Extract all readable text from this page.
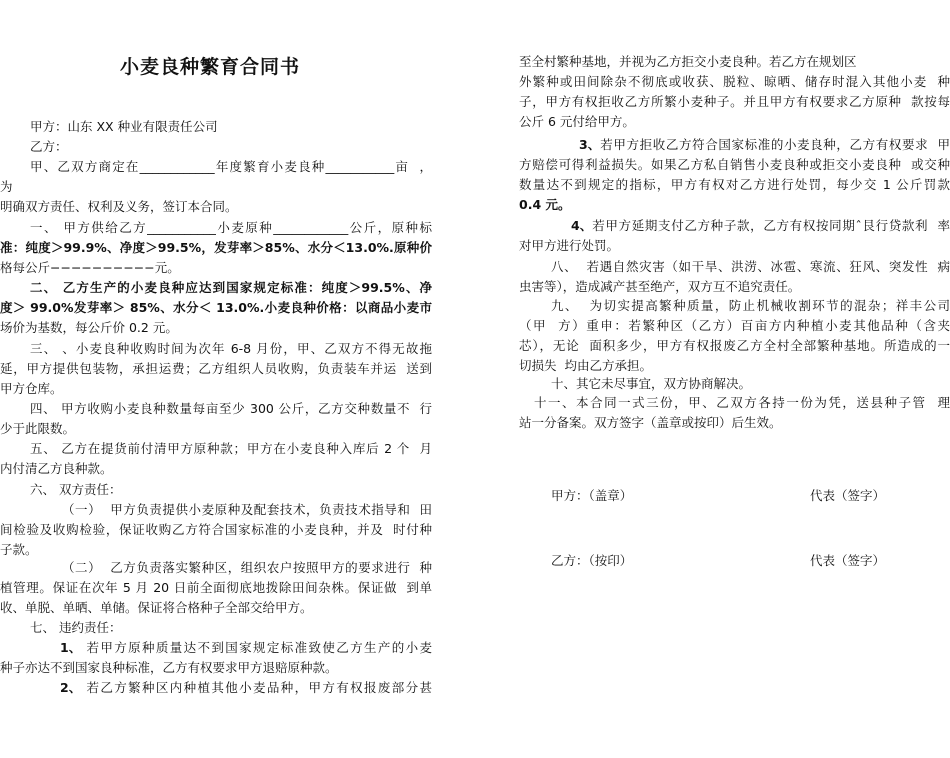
小麦良种繁育合同书
甲方：山东 XX 种业有限责任公司
乙方：
甲、乙双方商定在____________年度繁育小麦良种___________亩  ，
为
明确双方责任、权利及义务，签订本合同。
一、 甲方供给乙方___________小麦原种____________公斤，原种标
准：纯度＞99.9%、净度＞99.5%，发芽率＞85%、水分＜13.0%.原种价
格每公斤−−−−−−−−−−元。
二、 乙方生产的小麦良种应达到国家规定标准：纯度＞99.5%、净
度＞ 99.0%发芽率＞ 85%、水分＜ 13.0%.小麦良种价格：以商品小麦市
场价为基数，每公斤价 0.2 元。
三、 、小麦良种收购时间为次年 6-8 月份，甲、乙双方不得无故拖
延，甲方提供包装物，承担运费；乙方组织人员收购，负责装车并运  送到
甲方仓库。
四、 甲方收购小麦良种数量每亩至少 300 公斤，乙方交种数量不  行
少于此限数。
五、 乙方在提货前付清甲方原种款；甲方在小麦良种入库后 2 个  月
内付清乙方良种款。
六、 双方责任：
（一）  甲方负责提供小麦原种及配套技术，负责技术指导和  田
间检验及收购检验，保证收购乙方符合国家标准的小麦良种，并及  时付种
子款。
（二）  乙方负责落实繁种区，组织农户按照甲方的要求进行  种
植管理。保证在次年 5 月 20 日前全面彻底地拨除田间杂株。保证做  到单
收、单脱、单晒、单储。保证将合格种子全部交给甲方。
七、 违约责任：
1、 若甲方原种质量达不到国家规定标准致使乙方生产的小麦
种子亦达不到国家良种标准，乙方有权要求甲方退赔原种款。
2、 若乙方繁种区内种植其他小麦品种，甲方有权报废部分甚
至全村繁种基地，并视为乙方拒交小麦良种。若乙方在规划区
外繁种或田间除杂不彻底或收获、脱粒、晾晒、储存时混入其他小麦  种
子，甲方有权拒收乙方所繁小麦种子。并且甲方有权要求乙方原种  款按每
公斤 6 元付给甲方。
3、 若甲方拒收乙方符合国家标准的小麦良种，乙方有权要求  甲
方赔偿可得利益损失。如果乙方私自销售小麦良种或拒交小麦良种  或交种
数量达不到规定的指标，甲方有权对乙方进行处罚，每少交 1 公斤罚款
0.4 元。
4、 若甲方延期支付乙方种子款，乙方有权按同期ˆ艮行贷款利  率
对甲方进行处罚。
八、  若遇自然灾害（如干旱、洪涝、冰雹、寒流、狂风、突发性  病
虫害等），造成减产甚至绝产，双方互不追究责任。
九、  为切实提高繁种质量，防止机械收割环节的混杂；祥丰公司
（甲  方）重申：若繁种区（乙方）百亩方内种植小麦其他品种（含夹
芯），无论  面积多少，甲方有权报废乙方全村全部繁种基地。所造成的一
切损失  均由乙方承担。
十、其它未尽事宜，双方协商解决。
十一、本合同一式三份，甲、乙双方各持一份为凭，送县种子管  理
站一分备案。双方签字（盖章或按印）后生效。
甲方：（盖章）	代表（签字）
乙方：（按印）	代表（签字）
